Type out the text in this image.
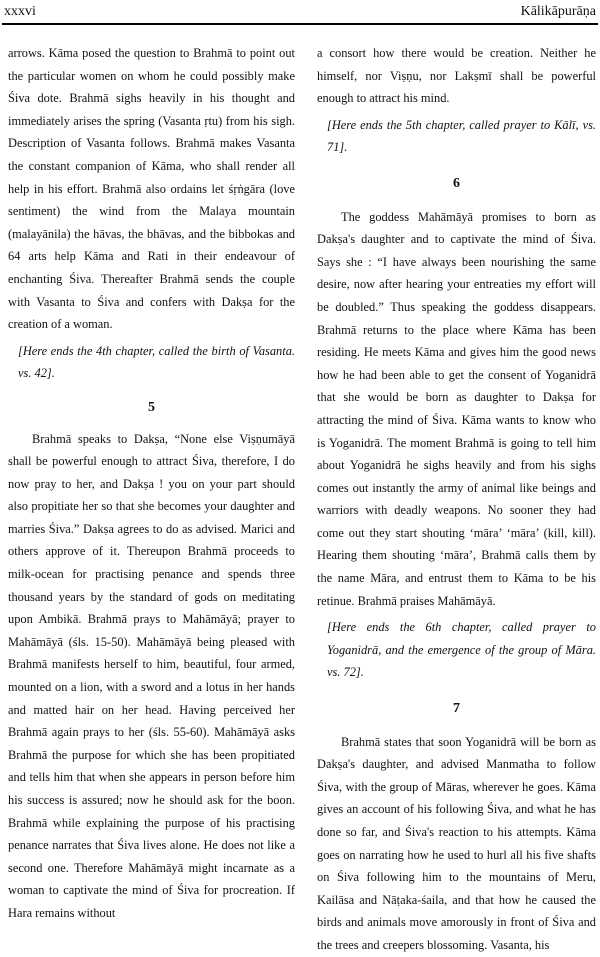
xxxvi	Kālikāpurāṇa

arrows. Kāma posed the question to Brahmā to point out the particular women on whom he could possibly make Śiva dote. Brahmā sighs heavily in his thought and immediately arises the spring (Vasanta ṛtu) from his sigh. Description of Vasanta follows. Brahmā makes Vasanta the constant companion of Kāma, who shall render all help in his effort. Brahmā also ordains let śṛṅgāra (love sentiment) the wind from the Malaya mountain (malayānila) the hāvas, the bhāvas, and the bibbokas and 64 arts help Kāma and Rati in their endeavour of enchanting Śiva. Thereafter Brahmā sends the couple with Vasanta to Śiva and confers with Dakṣa for the creation of a woman.

[Here ends the 4th chapter, called the birth of Vasanta. vs. 42].

5

Brahmā speaks to Dakṣa, “None else Viṣṇumāyā shall be powerful enough to attract Śiva, therefore, I do now pray to her, and Dakṣa ! you on your part should also propitiate her so that she becomes your daughter and marries Śiva.” Dakṣa agrees to do as advised. Marici and others approve of it. Thereupon Brahmā proceeds to milk-ocean for practising penance and spends three thousand years by the standard of gods on meditating upon Ambikā. Brahmā prays to Mahāmāyā; prayer to Mahāmāyā (śls. 15-50). Mahāmāyā being pleased with Brahmā manifests herself to him, beautiful, four armed, mounted on a lion, with a sword and a lotus in her hands and matted hair on her head. Having perceived her Brahmā again prays to her (śls. 55-60). Mahāmāyā asks Brahmā the purpose for which she has been propitiated and tells him that when she appears in person before him his success is assured; now he should ask for the boon. Brahmā while explaining the purpose of his practising penance narrates that Śiva lives alone. He does not like a second one. Therefore Mahāmāyā might incarnate as a woman to captivate the mind of Śiva for procreation. If Hara remains without

a consort how there would be creation. Neither he himself, nor Viṣṇu, nor Lakṣmī shall be powerful enough to attract his mind.

[Here ends the 5th chapter, called prayer to Kālī, vs. 71].

6

The goddess Mahāmāyā promises to born as Dakṣa's daughter and to captivate the mind of Śiva. Says she : “I have always been nourishing the same desire, now after hearing your entreaties my effort will be doubled.” Thus speaking the goddess disappears. Brahmā returns to the place where Kāma has been residing. He meets Kāma and gives him the good news how he had been able to get the consent of Yoganidrā that she would be born as daughter to Dakṣa for attracting the mind of Śiva. Kāma wants to know who is Yoganidrā. The moment Brahmā is going to tell him about Yoganidrā he sighs heavily and from his sighs comes out instantly the army of animal like beings and warriors with deadly weapons. No sooner they had come out they start shouting ‘māra’ ‘māra’ (kill, kill). Hearing them shouting ‘māra’, Brahmā calls them by the name Māra, and entrust them to Kāma to be his retinue. Brahmā praises Mahāmāyā.

[Here ends the 6th chapter, called prayer to Yoganidrā, and the emergence of the group of Māra. vs. 72].

7

Brahmā states that soon Yoganidrā will be born as Dakṣa's daughter, and advised Manmatha to follow Śiva, with the group of Māras, wherever he goes. Kāma gives an account of his following Śiva, and what he has done so far, and Śiva's reaction to his attempts. Kāma goes on narrating how he used to hurl all his five shafts on Śiva following him to the mountains of Meru, Kailāsa and Nāṭaka-śaila, and that how he caused the birds and animals move amorously in front of Śiva and the trees and creepers blossoming. Vasanta, his
